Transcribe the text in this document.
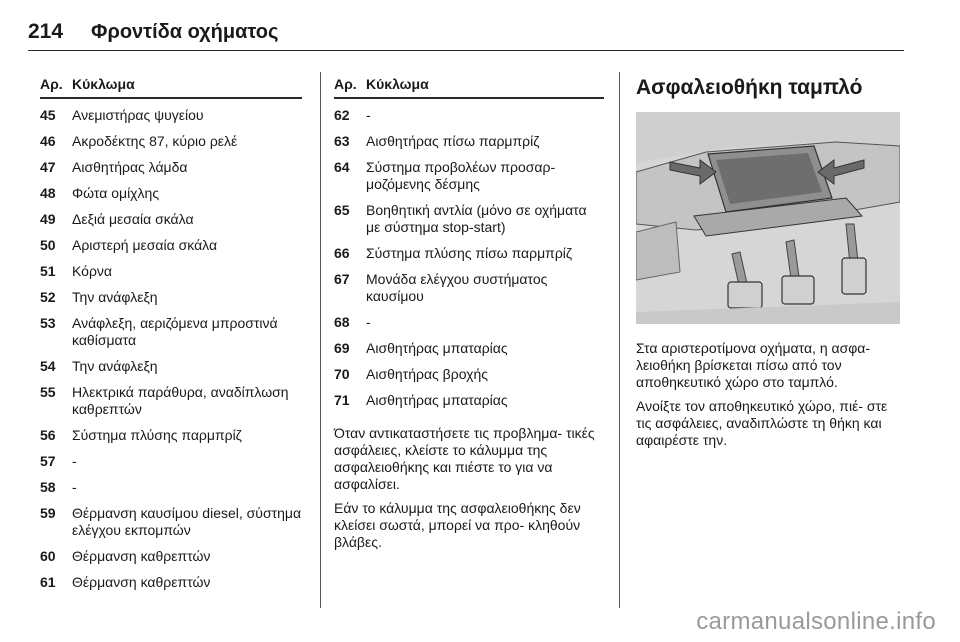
214 Φροντίδα οχήματος
Αρ. Κύκλωμα
45	Ανεμιστήρας ψυγείου
46	Ακροδέκτης 87, κύριο ρελέ
47	Αισθητήρας λάμδα
48	Φώτα ομίχλης
49	Δεξιά μεσαία σκάλα
50	Αριστερή μεσαία σκάλα
51	Κόρνα
52	Την ανάφλεξη
53	Ανάφλεξη, αεριζόμενα μπροστινά καθίσματα
54	Την ανάφλεξη
55	Ηλεκτρικά παράθυρα, αναδίπλωση καθρεπτών
56	Σύστημα πλύσης παρμπρίζ
57	-
58	-
59	Θέρμανση καυσίμου diesel, σύστημα ελέγχου εκπομπών
60	Θέρμανση καθρεπτών
61	Θέρμανση καθρεπτών
Αρ. Κύκλωμα
62	-
63	Αισθητήρας πίσω παρμπρίζ
64	Σύστημα προβολέων προσαρ- μοζόμενης δέσμης
65	Βοηθητική αντλία (μόνο σε οχήματα με σύστημα stop-start)
66	Σύστημα πλύσης πίσω παρμπρίζ
67	Μονάδα ελέγχου συστήματος καυσίμου
68	-
69	Αισθητήρας μπαταρίας
70	Αισθητήρας βροχής
71	Αισθητήρας μπαταρίας

Όταν αντικαταστήσετε τις προβλημα- τικές ασφάλειες, κλείστε το κάλυμμα της ασφαλειοθήκης και πιέστε το για να ασφαλίσει.

Εάν το κάλυμμα της ασφαλειοθήκης δεν κλείσει σωστά, μπορεί να προ- κληθούν βλάβες.

Ασφαλειοθήκη ταμπλό

Στα αριστεροτίμονα οχήματα, η ασφα- λειοθήκη βρίσκεται πίσω από τον αποθηκευτικό χώρο στο ταμπλό.

Ανοίξτε τον αποθηκευτικό χώρο, πιέ- στε τις ασφάλειες, αναδιπλώστε τη θήκη και αφαιρέστε την.

carmanualsonline.info
